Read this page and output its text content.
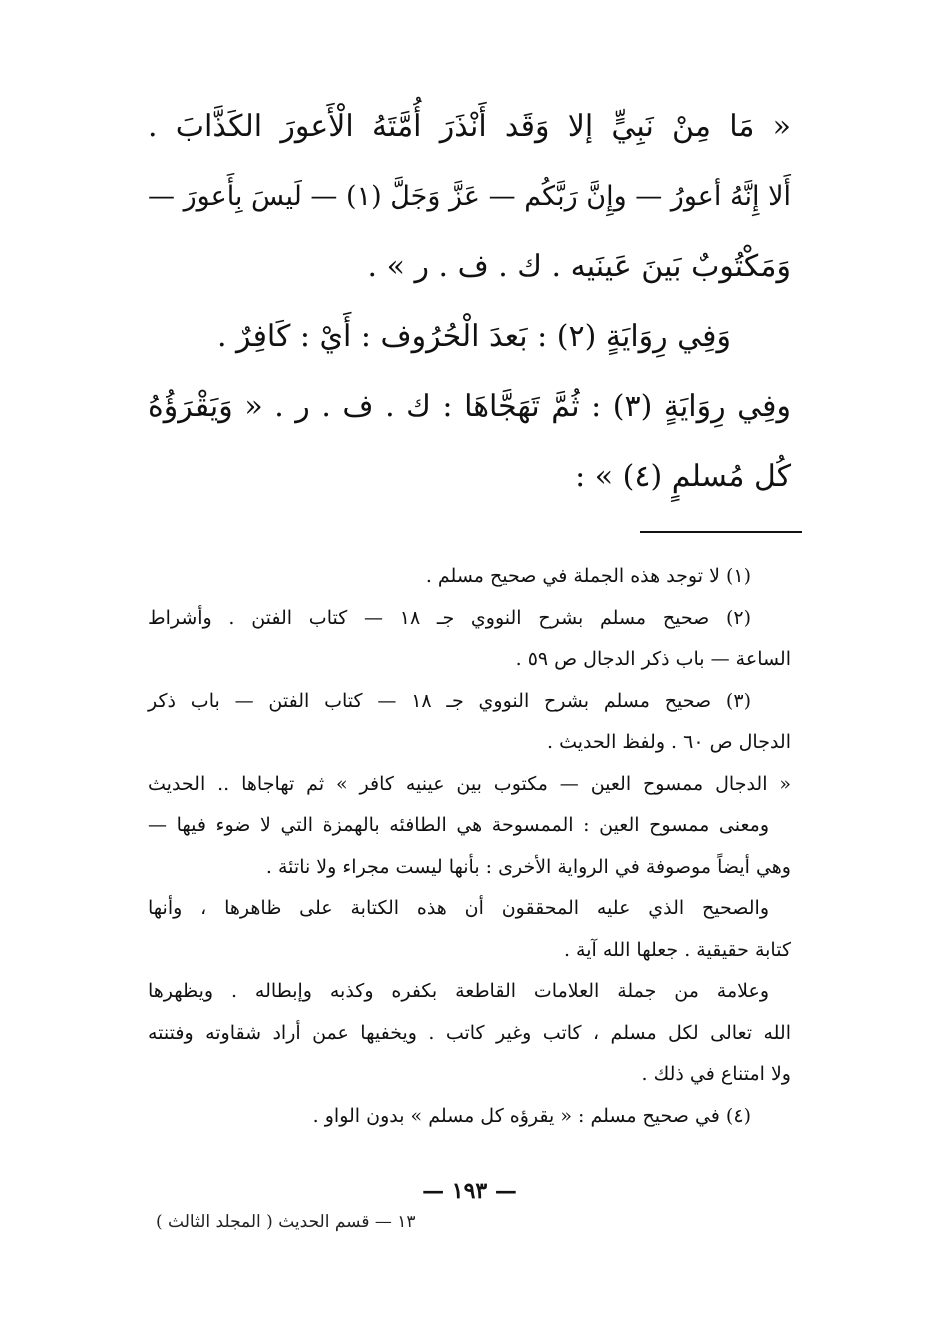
« مَا مِنْ نَبِيٍّ إلا وَقَد أَنْذَرَ أُمَّتَهُ الْأَعورَ الكَذَّابَ .
أَلا إِنَّهُ أعورُ — وإِنَّ رَبَّكُم — عَزَّ وَجَلَّ (١) — لَيسَ بِأَعورَ —
وَمَكْتُوبٌ بَينَ عَينَيه . ك . ف . ر » .
وَفِي رِوَايَةٍ (٢) : بَعدَ الْحُرُوف : أَيْ : كَافِرٌ .
وفِي رِوَايَةٍ (٣) : ثُمَّ تَهَجَّاهَا : ك . ف . ر . « وَيَقْرَؤُهُ
كُل مُسلمٍ (٤) » :
(١) لا توجد هذه الجملة في صحيح مسلم .
(٢) صحيح مسلم بشرح النووي جـ ١٨ — كتاب الفتن . وأشراط
الساعة — باب ذكر الدجال ص ٥٩ .
(٣) صحيح مسلم بشرح النووي جـ ١٨ — كتاب الفتن — باب ذكر
الدجال ص ٦٠ . ولفظ الحديث .
« الدجال ممسوح العين — مكتوب بين عينيه كافر » ثم تهاجاها .. الحديث
ومعنى ممسوح العين : الممسوحة هي الطافئه بالهمزة التي لا ضوء فيها —
وهي أيضاً موصوفة في الرواية الأخرى : بأنها ليست مجراء ولا ناتئة .
والصحيح الذي عليه المحققون أن هذه الكتابة على ظاهرها ، وأنها
كتابة حقيقية . جعلها الله آية .
وعلامة من جملة العلامات القاطعة بكفره وكذبه وإبطاله . ويظهرها
الله تعالى لكل مسلم ، كاتب وغير كاتب . ويخفيها عمن أراد شقاوته وفتنته
ولا امتناع في ذلك .
(٤) في صحيح مسلم : « يقرؤه كل مسلم » بدون الواو .
— ١٩٣ —
١٣ — قسم الحديث ( المجلد الثالث )
